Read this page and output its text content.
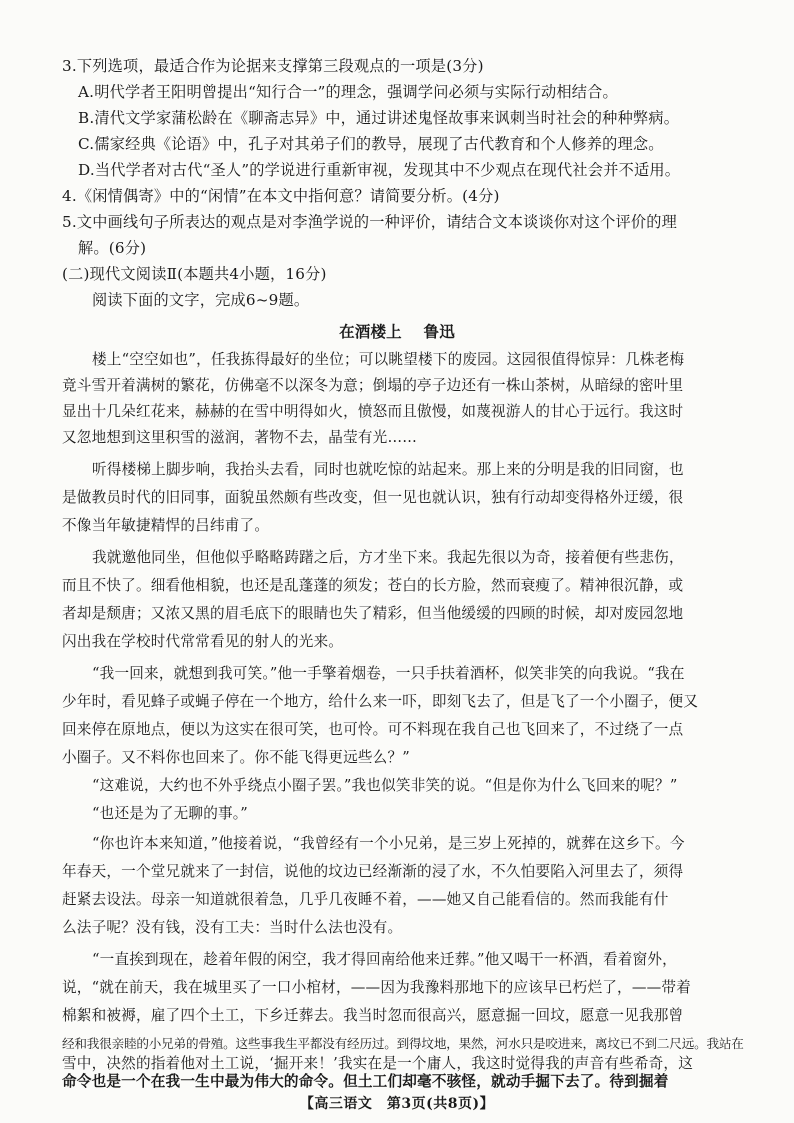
3.下列选项，最适合作为论据来支撑第三段观点的一项是(3分)
A.明代学者王阳明曾提出“知行合一”的理念，强调学问必须与实际行动相结合。
B.清代文学家蒲松龄在《聊斋志异》中，通过讲述鬼怪故事来讽刺当时社会的种种弊病。
C.儒家经典《论语》中，孔子对其弟子们的教导，展现了古代教育和个人修养的理念。
D.当代学者对古代“圣人”的学说进行重新审视，发现其中不少观点在现代社会并不适用。
4.《闲情偶寄》中的“闲情”在本文中指何意？请简要分析。(4分)
5.文中画线句子所表达的观点是对李渔学说的一种评价，请结合文本谈谈你对这个评价的理
解。(6分)
(二)现代文阅读Ⅱ(本题共4小题，16分)
阅读下面的文字，完成6~9题。
在酒楼上 鲁迅
楼上“空空如也”，任我拣得最好的坐位；可以眺望楼下的废园。这园很值得惊异：几株老梅
竟斗雪开着满树的繁花，仿佛毫不以深冬为意；倒塌的亭子边还有一株山茶树，从暗绿的密叶里
显出十几朵红花来，赫赫的在雪中明得如火，愤怒而且傲慢，如蔑视游人的甘心于远行。我这时
又忽地想到这里积雪的滋润，著物不去，晶莹有光……
听得楼梯上脚步响，我抬头去看，同时也就吃惊的站起来。那上来的分明是我的旧同窗，也
是做教员时代的旧同事，面貌虽然颇有些改变，但一见也就认识，独有行动却变得格外迂缓，很
不像当年敏捷精悍的吕纬甫了。
我就邀他同坐，但他似乎略略踌躇之后，方才坐下来。我起先很以为奇，接着便有些悲伤，
而且不快了。细看他相貌，也还是乱蓬蓬的须发；苍白的长方脸，然而衰瘦了。精神很沉静，或
者却是颓唐；又浓又黑的眉毛底下的眼睛也失了精彩，但当他缓缓的四顾的时候，却对废园忽地
闪出我在学校时代常常看见的射人的光来。
“我一回来，就想到我可笑。”他一手擎着烟卷，一只手扶着酒杯，似笑非笑的向我说。“我在
少年时，看见蜂子或蝇子停在一个地方，给什么来一吓，即刻飞去了，但是飞了一个小圈子，便又
回来停在原地点，便以为这实在很可笑，也可怜。可不料现在我自己也飞回来了，不过绕了一点
小圈子。又不料你也回来了。你不能飞得更远些么？”
“这难说，大约也不外乎绕点小圈子罢。”我也似笑非笑的说。“但是你为什么飞回来的呢？”
“也还是为了无聊的事。”
“你也许本来知道，”他接着说，“我曾经有一个小兄弟，是三岁上死掉的，就葬在这乡下。今
年春天，一个堂兄就来了一封信，说他的坟边已经渐渐的浸了水，不久怕要陷入河里去了，须得
赶紧去设法。母亲一知道就很着急，几乎几夜睡不着，——她又自己能看信的。然而我能有什
么法子呢？没有钱，没有工夫：当时什么法也没有。
“一直挨到现在，趁着年假的闲空，我才得回南给他来迁葬。”他又喝干一杯酒，看着窗外，
说，“就在前天，我在城里买了一口小棺材，——因为我豫料那地下的应该早已朽烂了，——带着
棉絮和被褥，雇了四个土工，下乡迁葬去。我当时忽而很高兴，愿意掘一回坟，愿意一见我那曾
经和我很亲睦的小兄弟的骨殖。这些事我生平都没有经历过。到得坟地，果然，河水只是咬进来，离坟已不到二尺远。我站在
雪中，决然的指着他对土工说，‘掘开来！’我实在是一个庸人，我这时觉得我的声音有些希奇，这
命令也是一个在我一生中最为伟大的命令。但土工们却毫不骇怪，就动手掘下去了。待到掘着
【高三语文　第3页(共8页)】
